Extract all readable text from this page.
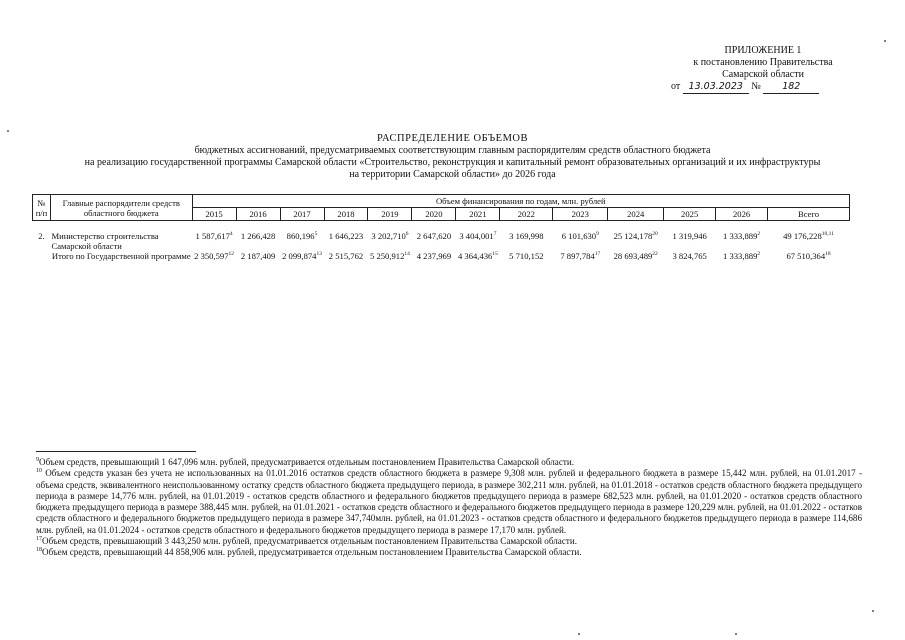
ПРИЛОЖЕНИЕ 1
к постановлению Правительства
Самарской области
от 13.03.2023 № 182
РАСПРЕДЕЛЕНИЕ ОБЪЕМОВ
бюджетных ассигнований, предусматриваемых соответствующим главным распорядителям средств областного бюджета
на реализацию государственной программы Самарской области «Строительство, реконструкция и капитальный ремонт образовательных организаций и их инфраструктуры
на территории Самарской области» до 2026 года
№ п/п	Главные распорядители средств областного бюджета	Объем финансирования по годам, млн. рублей												
		2015	2016	2017	2018	2019	2020	2021	2022	2023	2024	2025	2026	Всего

2.	Министерство строительства Самарской области	1 587,617$^4$	1 266,428	860,196$^5$	1 646,223	3 202,710$^6$	2 647,620	3 404,001$^7$	3 169,998	6 101,630$^9$	25 124,178$^{20}$	1 319,946	1 333,889$^2$	49 176,228$^{10,11}$
	Итого по Государственной программе	2 350,597$^{12}$	2 187,409	2 099,874$^{13}$	2 515,762	5 250,912$^{14}$	4 237,969	4 364,436$^{15}$	5 710,152	7 897,784$^{17}$	28 693,489$^{22}$	3 824,765	1 333,889$^2$	67 510,364$^{18}$

$^9$Объем средств, превышающий 1 647,096 млн. рублей, предусматривается отдельным постановлением Правительства Самарской области.

$^{10}$ Объем средств указан без учета не использованных на 01.01.2016 остатков средств областного бюджета в размере 9,308 млн. рублей и федерального бюджета в размере 15,442 млн. рублей, на 01.01.2017 - объема средств, эквивалентного неиспользованному остатку средств областного бюджета предыдущего периода, в размере 302,211 млн. рублей, на 01.01.2018 - остатков средств областного бюджета предыдущего периода в размере 14,776 млн. рублей, на 01.01.2019 - остатков средств областного и федерального бюджетов предыдущего периода в размере 682,523 млн. рублей, на 01.01.2020 - остатков средств областного бюджета предыдущего периода в размере 388,445 млн. рублей, на 01.01.2021 - остатков средств областного и федерального бюджетов предыдущего периода в размере 120,229 млн. рублей, на 01.01.2022 - остатков средств областного и федерального бюджетов предыдущего периода в размере 347,740млн. рублей, на 01.01.2023 - остатков средств областного и федерального бюджетов предыдущего периода в размере 114,686 млн. рублей, на 01.01.2024 - остатков средств областного и федерального бюджетов предыдущего периода в размере 17,170 млн. рублей.

$^{17}$Объем средств, превышающий 3 443,250 млн. рублей, предусматривается отдельным постановлением Правительства Самарской области.

$^{18}$Объем средств, превышающий 44 858,906 млн. рублей, предусматривается отдельным постановлением Правительства Самарской области.
